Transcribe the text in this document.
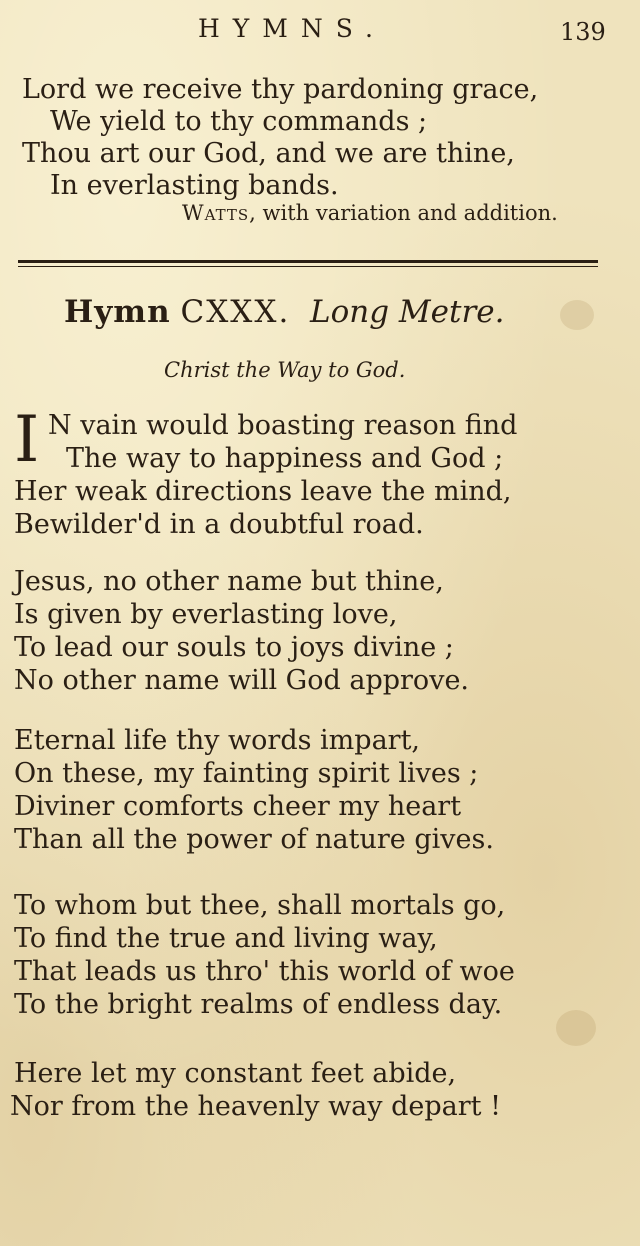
HYMNS.	139
Lord we receive thy pardoning grace,
We yield to thy commands ;
Thou art our God, and we are thine,
In everlasting bands.
Watts, with variation and addition.
Hymn CXXX. Long Metre.
Christ the Way to God.
I N vain would boasting reason find
The way to happiness and God ;
Her weak directions leave the mind,
Bewilder'd in a doubtful road.
Jesus, no other name but thine,
Is given by everlasting love,
To lead our souls to joys divine ;
No other name will God approve.
Eternal life thy words impart,
On these, my fainting spirit lives ;
Diviner comforts cheer my heart
Than all the power of nature gives.
To whom but thee, shall mortals go,
To find the true and living way,
That leads us thro' this world of woe
To the bright realms of endless day.
Here let my constant feet abide,
Nor from the heavenly way depart !
